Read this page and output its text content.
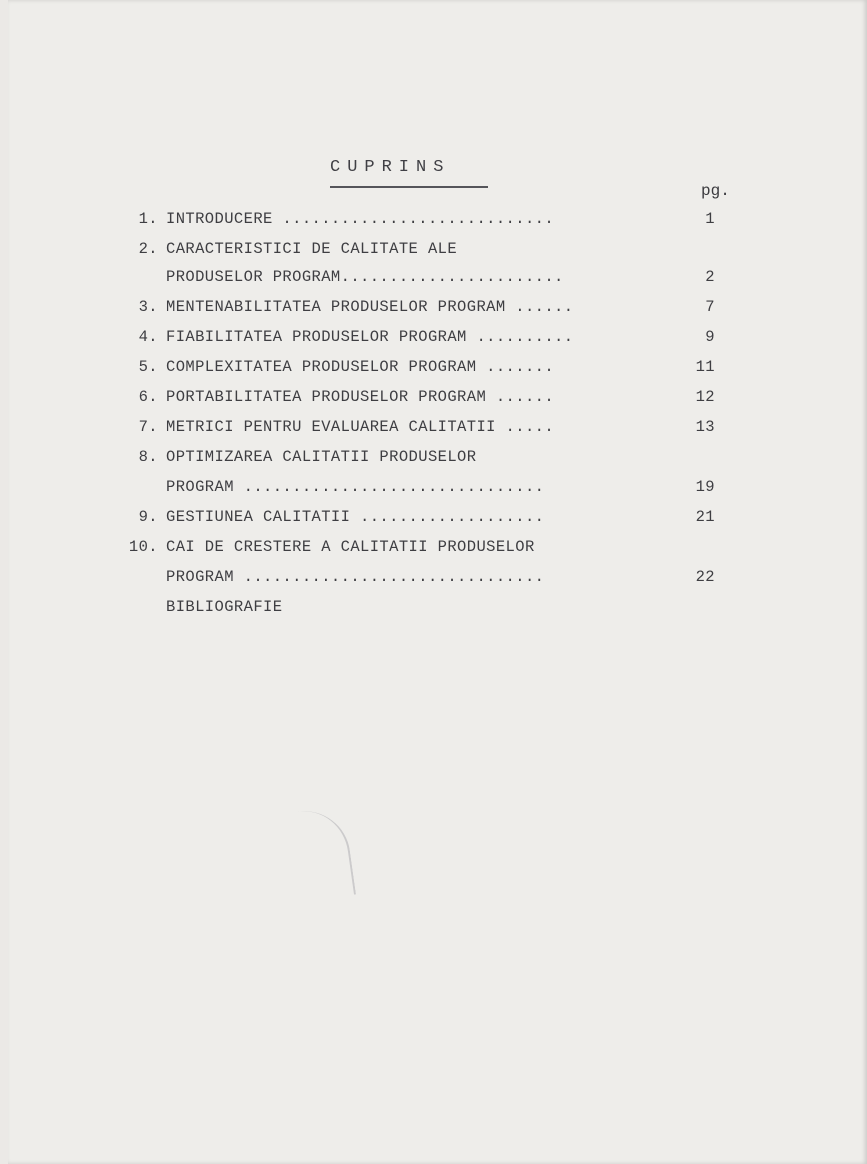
CUPRINS
pg.
1. INTRODUCERE ............................	1
2. CARACTERISTICI DE CALITATE ALE
PRODUSELOR PROGRAM.......................	2
3. MENTENABILITATEA PRODUSELOR PROGRAM ......	7
4. FIABILITATEA PRODUSELOR PROGRAM ..........	9
5. COMPLEXITATEA PRODUSELOR PROGRAM .......	11
6. PORTABILITATEA PRODUSELOR PROGRAM ......	12
7. METRICI PENTRU EVALUAREA CALITATII .....	13
8. OPTIMIZAREA CALITATII PRODUSELOR
PROGRAM ...............................	19
9. GESTIUNEA CALITATII ...................	21
10. CAI DE CRESTERE A CALITATII PRODUSELOR
PROGRAM ...............................	22
BIBLIOGRAFIE
